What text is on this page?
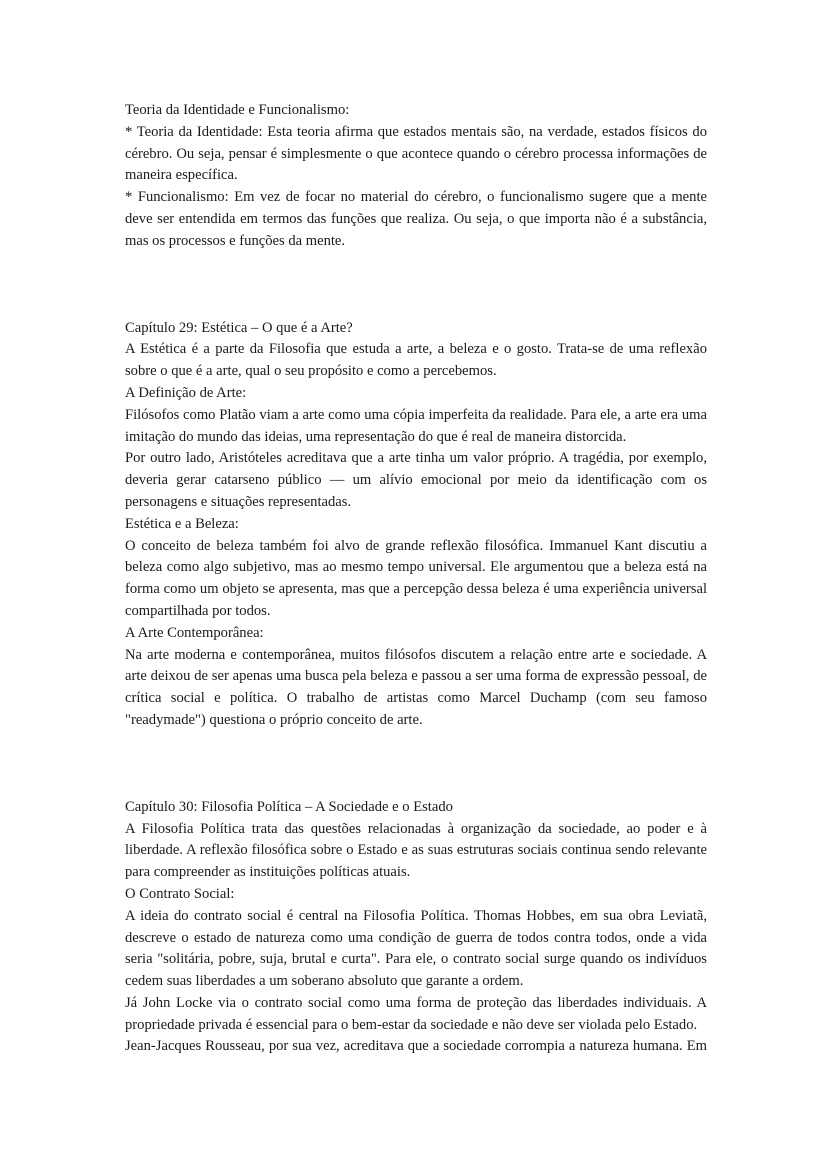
Teoria da Identidade e Funcionalismo:

* Teoria da Identidade: Esta teoria afirma que estados mentais são, na verdade, estados físicos do cérebro. Ou seja, pensar é simplesmente o que acontece quando o cérebro processa informações de maneira específica.

* Funcionalismo: Em vez de focar no material do cérebro, o funcionalismo sugere que a mente deve ser entendida em termos das funções que realiza. Ou seja, o que importa não é a substância, mas os processos e funções da mente.

Capítulo 29: Estética – O que é a Arte?

A Estética é a parte da Filosofia que estuda a arte, a beleza e o gosto. Trata-se de uma reflexão sobre o que é a arte, qual o seu propósito e como a percebemos.

A Definição de Arte:

Filósofos como Platão viam a arte como uma cópia imperfeita da realidade. Para ele, a arte era uma imitação do mundo das ideias, uma representação do que é real de maneira distorcida.

Por outro lado, Aristóteles acreditava que a arte tinha um valor próprio. A tragédia, por exemplo, deveria gerar catarseno público — um alívio emocional por meio da identificação com os personagens e situações representadas.

Estética e a Beleza:

O conceito de beleza também foi alvo de grande reflexão filosófica. Immanuel Kant discutiu a beleza como algo subjetivo, mas ao mesmo tempo universal. Ele argumentou que a beleza está na forma como um objeto se apresenta, mas que a percepção dessa beleza é uma experiência universal compartilhada por todos.

A Arte Contemporânea:

Na arte moderna e contemporânea, muitos filósofos discutem a relação entre arte e sociedade. A arte deixou de ser apenas uma busca pela beleza e passou a ser uma forma de expressão pessoal, de crítica social e política. O trabalho de artistas como Marcel Duchamp (com seu famoso "readymade") questiona o próprio conceito de arte.

Capítulo 30: Filosofia Política – A Sociedade e o Estado

A Filosofia Política trata das questões relacionadas à organização da sociedade, ao poder e à liberdade. A reflexão filosófica sobre o Estado e as suas estruturas sociais continua sendo relevante para compreender as instituições políticas atuais.

O Contrato Social:

A ideia do contrato social é central na Filosofia Política. Thomas Hobbes, em sua obra Leviatã, descreve o estado de natureza como uma condição de guerra de todos contra todos, onde a vida seria "solitária, pobre, suja, brutal e curta". Para ele, o contrato social surge quando os indivíduos cedem suas liberdades a um soberano absoluto que garante a ordem.

Já John Locke via o contrato social como uma forma de proteção das liberdades individuais. A propriedade privada é essencial para o bem-estar da sociedade e não deve ser violada pelo Estado.

Jean-Jacques Rousseau, por sua vez, acreditava que a sociedade corrompia a natureza humana. Em
